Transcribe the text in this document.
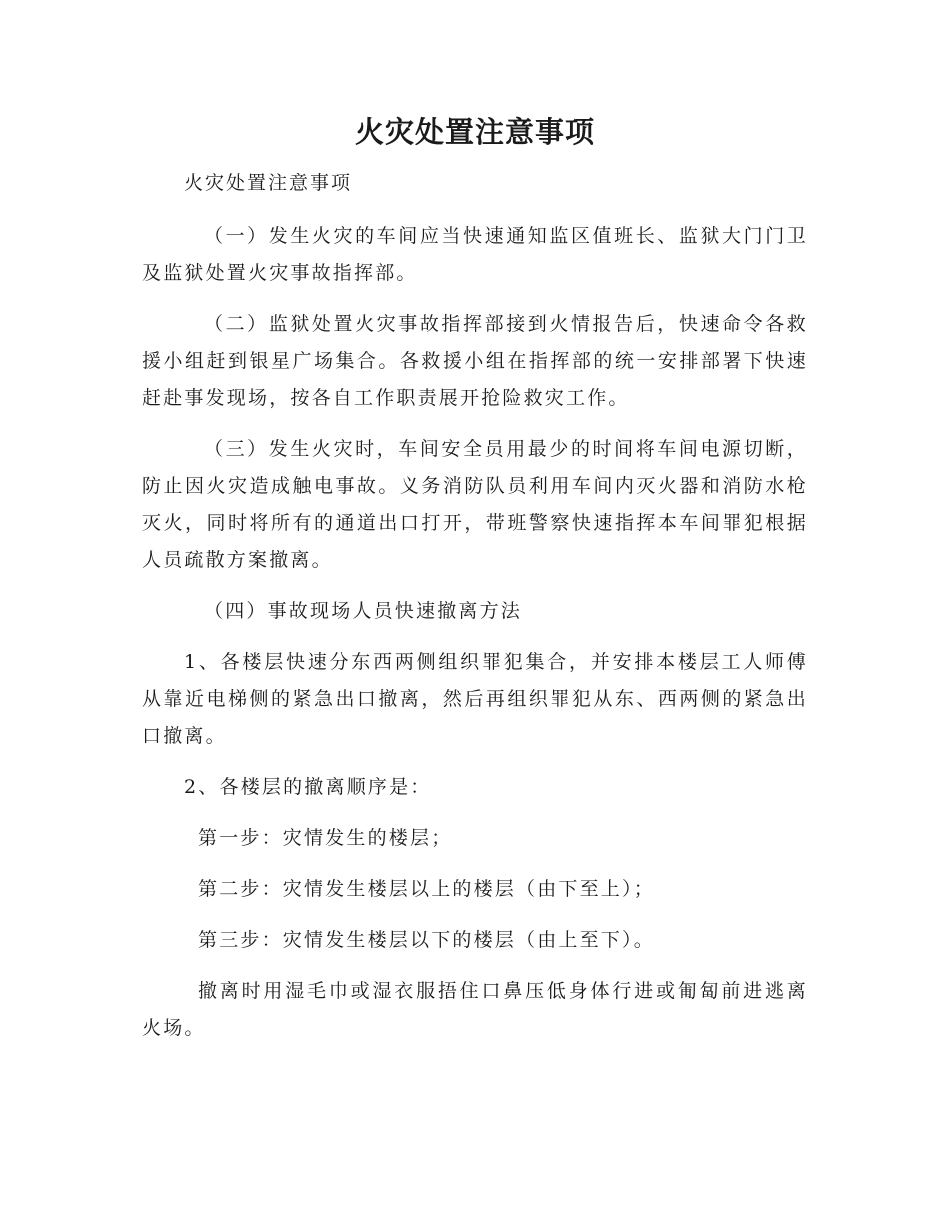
火灾处置注意事项
火灾处置注意事项

（一）发生火灾的车间应当快速通知监区值班长、监狱大门门卫及监狱处置火灾事故指挥部。

（二）监狱处置火灾事故指挥部接到火情报告后，快速命令各救援小组赶到银星广场集合。各救援小组在指挥部的统一安排部署下快速赶赴事发现场，按各自工作职责展开抢险救灾工作。

（三）发生火灾时，车间安全员用最少的时间将车间电源切断，防止因火灾造成触电事故。义务消防队员利用车间内灭火器和消防水枪灭火，同时将所有的通道出口打开，带班警察快速指挥本车间罪犯根据人员疏散方案撤离。

（四）事故现场人员快速撤离方法

1、各楼层快速分东西两侧组织罪犯集合，并安排本楼层工人师傅从靠近电梯侧的紧急出口撤离，然后再组织罪犯从东、西两侧的紧急出口撤离。

2、各楼层的撤离顺序是：

第一步：灾情发生的楼层；

第二步：灾情发生楼层以上的楼层（由下至上）；

第三步：灾情发生楼层以下的楼层（由上至下）。

撤离时用湿毛巾或湿衣服捂住口鼻压低身体行进或匍匐前进逃离火场。
